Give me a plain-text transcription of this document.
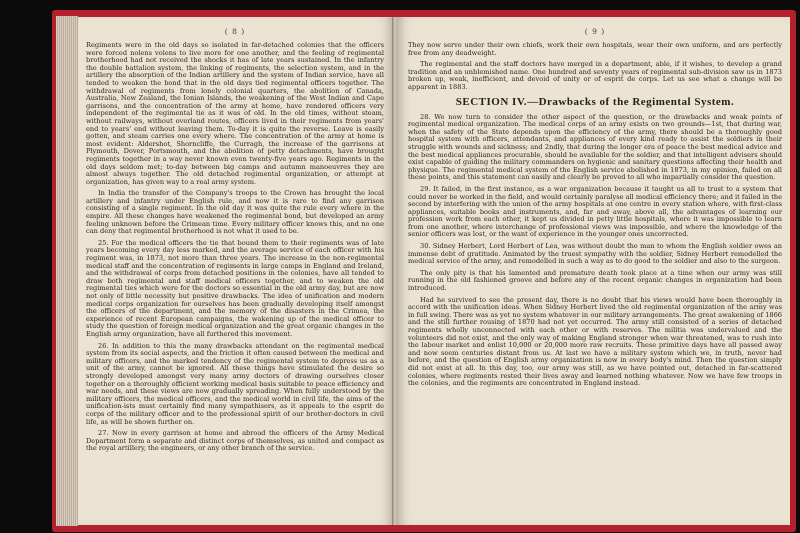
( 8 )

Regiments were in the old days so isolated in far-detached colonies that the officers were forced nolens volens to live more for one another, and the feeling of regimental brotherhood had not received the shocks it has of late years sustained. In the infantry the double battalion system, the linking of regiments, the selection system, and in the artillery the absorption of the Indian artillery and the system of Indian service, have all tended to weaken the bond that in the old days tied regimental officers together. The withdrawal of regiments from lonely colonial quarters, the abolition of Canada, Australia, New Zealand, the Ionian Islands, the weakening of the West Indian and Cape garrisons, and the concentration of the army at home, have rendered officers very independent of the regimental tie as it was of old. In the old times, without steam, without railways, without overland routes, officers lived in their regiments from years' end to years' end without leaving them. To-day it is quite the reverse. Leave is easily gotten, and steam carries one every where. The concentration of the army at home is most evident: Aldershot, Shorncliffe, the Curragh, the increase of the garrisons at Plymouth, Dover, Portsmouth, and the abolition of petty detachments, have brought regiments together in a way never known even twenty-five years ago. Regiments in the old days seldom met; to-day between big camps and autumn manoeuvres they are almost always together. The old detached regimental organization, or attempt at organization, has given way to a real army system.

In India the transfer of the Company's troops to the Crown has brought the local artillery and infantry under English rule, and now it is rare to find any garrison consisting of a single regiment. In the old day it was quite the rule every where in the empire. All these changes have weakened the regimental bond, but developed an army feeling unknown before the Crimean time. Every military officer knows this, and no one can deny that regimental brotherhood is not what it used to be.

25. For the medical officers the tie that bound them to their regiments was of late years becoming every day less marked, and the average service of each officer with his regiment was, in 1873, not more than three years. The increase in the non-regimental medical staff and the concentration of regiments in large camps in England and Ireland, and the withdrawal of corps from detached positions in the colonies, have all tended to draw both regimental and staff medical officers together, and to weaken the old regimental ties which were for the doctors so essential in the old army day, but are now not only of little necessity but positive drawbacks. The idea of unification and modern medical corps organization for ourselves has been gradually developing itself amongst the officers of the department, and the memory of the disasters in the Crimea, the experience of recent European campaigns, the wakening up of the medical officer to study the question of foreign medical organization and the great organic changes in the English army organization, have all furthered this movement.

26. In addition to this the many drawbacks attendant on the regimental medical system from its social aspects, and the friction it often caused between the medical and military officers, and the marked tendency of the regimental system to depress us as a unit of the army, cannot be ignored. All these things have stimulated the desire so strongly developed amongst very many army doctors of drawing ourselves closer together on a thoroughly efficient working medical basis suitable to peace efficiency and war needs, and these views are now gradually spreading. When fully understood by the military officers, the medical officers, and the medical world in civil life, the aims of the unification-ists must certainly find many sympathisers, as it appeals to the esprit de corps of the military officer and to the professional spirit of our brother-doctors in civil life, as will be shown further on.

27. Now in every garrison at home and abroad the officers of the Army Medical Department form a separate and distinct corps of themselves, as united and compact as the royal artillery, the engineers, or any other branch of the service.

( 9 )

They now serve under their own chiefs, work their own hospitals, wear their own uniform, and are perfectly free from any deadweight.

The regimental and the staff doctors have merged in a department, able, if it wishes, to develop a grand tradition and an unblemished name. One hundred and seventy years of regimental sub-division saw us in 1873 broken up, weak, inefficient, and devoid of unity or of esprit de corps. Let us see what a change will be apparent in 1883.

SECTION IV.—Drawbacks of the Regimental System.

28. We now turn to consider the other aspect of the question, or the drawbacks and weak points of regimental medical organization. The medical corps of an army exists on two grounds—1st, that during war, when the safety of the State depends upon the efficiency of the army, there should be a thoroughly good hospital system with officers, attendants, and appliances of every kind ready to assist the soldiers in their struggle with wounds and sickness; and 2ndly, that during the longer era of peace the best medical advice and the best medical appliances procurable, should be available for the soldier, and that intelligent advisers should exist capable of guiding the military commanders on hygienic and sanitary questions affecting their health and physique. The regimental medical system of the English service abolished in 1873, in my opinion, failed on all these points, and this statement can easily and clearly be proved to all who impartially consider the question.

29. It failed, in the first instance, as a war organization because it taught us all to trust to a system that could never be worked in the field, and would certainly paralyse all medical efficiency there; and it failed in the second by interfering with the union of the army hospitals at one centre in every station where, with first-class appliances, suitable books and instruments, and, far and away, above all, the advantages of learning our profession work from each other, it kept us divided in petty little hospitals, where it was impossible to learn from one another, where interchange of professional views was impossible, and where the knowledge of the senior officers was lost, or the want of experience in the younger ones uncorrected.

30. Sidney Herbert, Lord Herbert of Lea, was without doubt the man to whom the English soldier owes an immense debt of gratitude. Animated by the truest sympathy with the soldier, Sidney Herbert remodelled the medical service of the army, and remodelled in such a way as to do good to the soldier and also to the surgeon.

The only pity is that his lamented and premature death took place at a time when our army was still running in the old fashioned groove and before any of the recent organic changes in organization had been introduced.

Had he survived to see the present day, there is no doubt that his views would have been thoroughly in accord with the unification ideas. When Sidney Herbert lived the old regimental organization of the army was in full swing. There was as yet no system whatever in our military arrangements. The great awakening of 1866 and the still further rousing of 1870 had not yet occurred. The army still consisted of a series of detached regiments wholly unconnected with each other or with reserves. The militia was undervalued and the volunteers did not exist, and the only way of making England stronger when war threatened, was to rush into the labour market and enlist 10,000 or 20,000 more raw recruits. These primitive days have all passed away and now seem centuries distant from us. At last we have a military system which we, in truth, never had before, and the question of English army organization is now in every body's mind. Then the question simply did not exist at all. In this day, too, our army was still, as we have pointed out, detached in far-scattered colonies, where regiments rested their lives away and learned nothing whatever. Now we have few troops in the colonies, and the regiments are concentrated in England instead.
